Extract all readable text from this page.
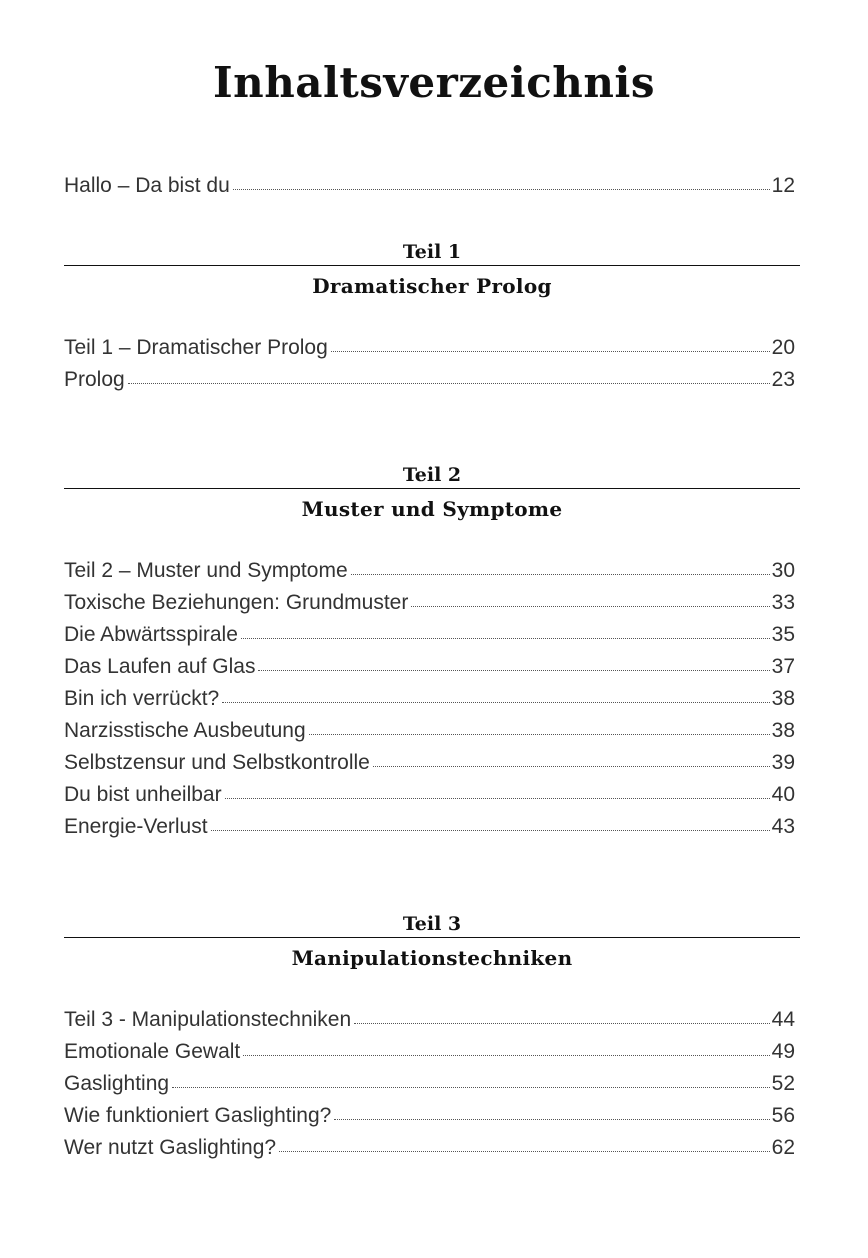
Inhaltsverzeichnis
Hallo – Da bist du	12
Teil 1
Dramatischer Prolog
Teil 1 – Dramatischer Prolog	20
Prolog	23
Teil 2
Muster und Symptome
Teil 2 – Muster und Symptome	30
Toxische Beziehungen: Grundmuster	33
Die Abwärtsspirale	35
Das Laufen auf Glas	37
Bin ich verrückt?	38
Narzisstische Ausbeutung	38
Selbstzensur und Selbstkontrolle	39
Du bist unheilbar	40
Energie-Verlust	43
Teil 3
Manipulationstechniken
Teil 3 - Manipulationstechniken	44
Emotionale Gewalt	49
Gaslighting	52
Wie funktioniert Gaslighting?	56
Wer nutzt Gaslighting?	62
